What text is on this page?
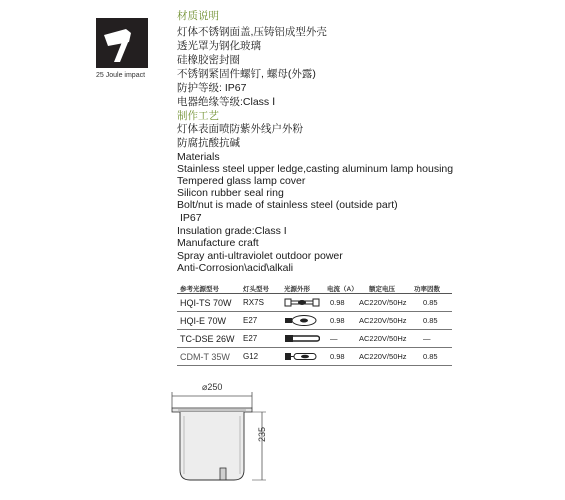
25 Joule impact
材质说明
灯体不锈钢面盖,压铸铝成型外壳
透光罩为钢化玻璃
硅橡胶密封圈
不锈钢紧固件螺钉, 螺母(外露)
防护等级: IP67
电器绝缘等级:Class Ⅰ
制作工艺
灯体表面喷防紫外线户外粉
防腐抗酸抗碱
Materials
Stainless steel upper ledge,casting aluminum lamp housing
Tempered glass lamp cover
Silicon rubber seal ring
Bolt/nut is made of stainless steel (outside part)
IP67
Insulation grade:Class I
Manufacture craft
Spray anti-ultraviolet outdoor power
Anti-Corrosion\acid\alkali
参考光源型号	灯头型号 光源外形	电流（A） 额定电压	功率因数
HQI-TS 70W RX7S	0.98 AC220V/50Hz 0.85
HQI-E 70W E27	0.98 AC220V/50Hz 0.85
TC-DSE 26W E27	—	AC220V/50Hz —
CDM-T 35W G12	0.98 AC220V/50Hz 0.85
⌀250
235
